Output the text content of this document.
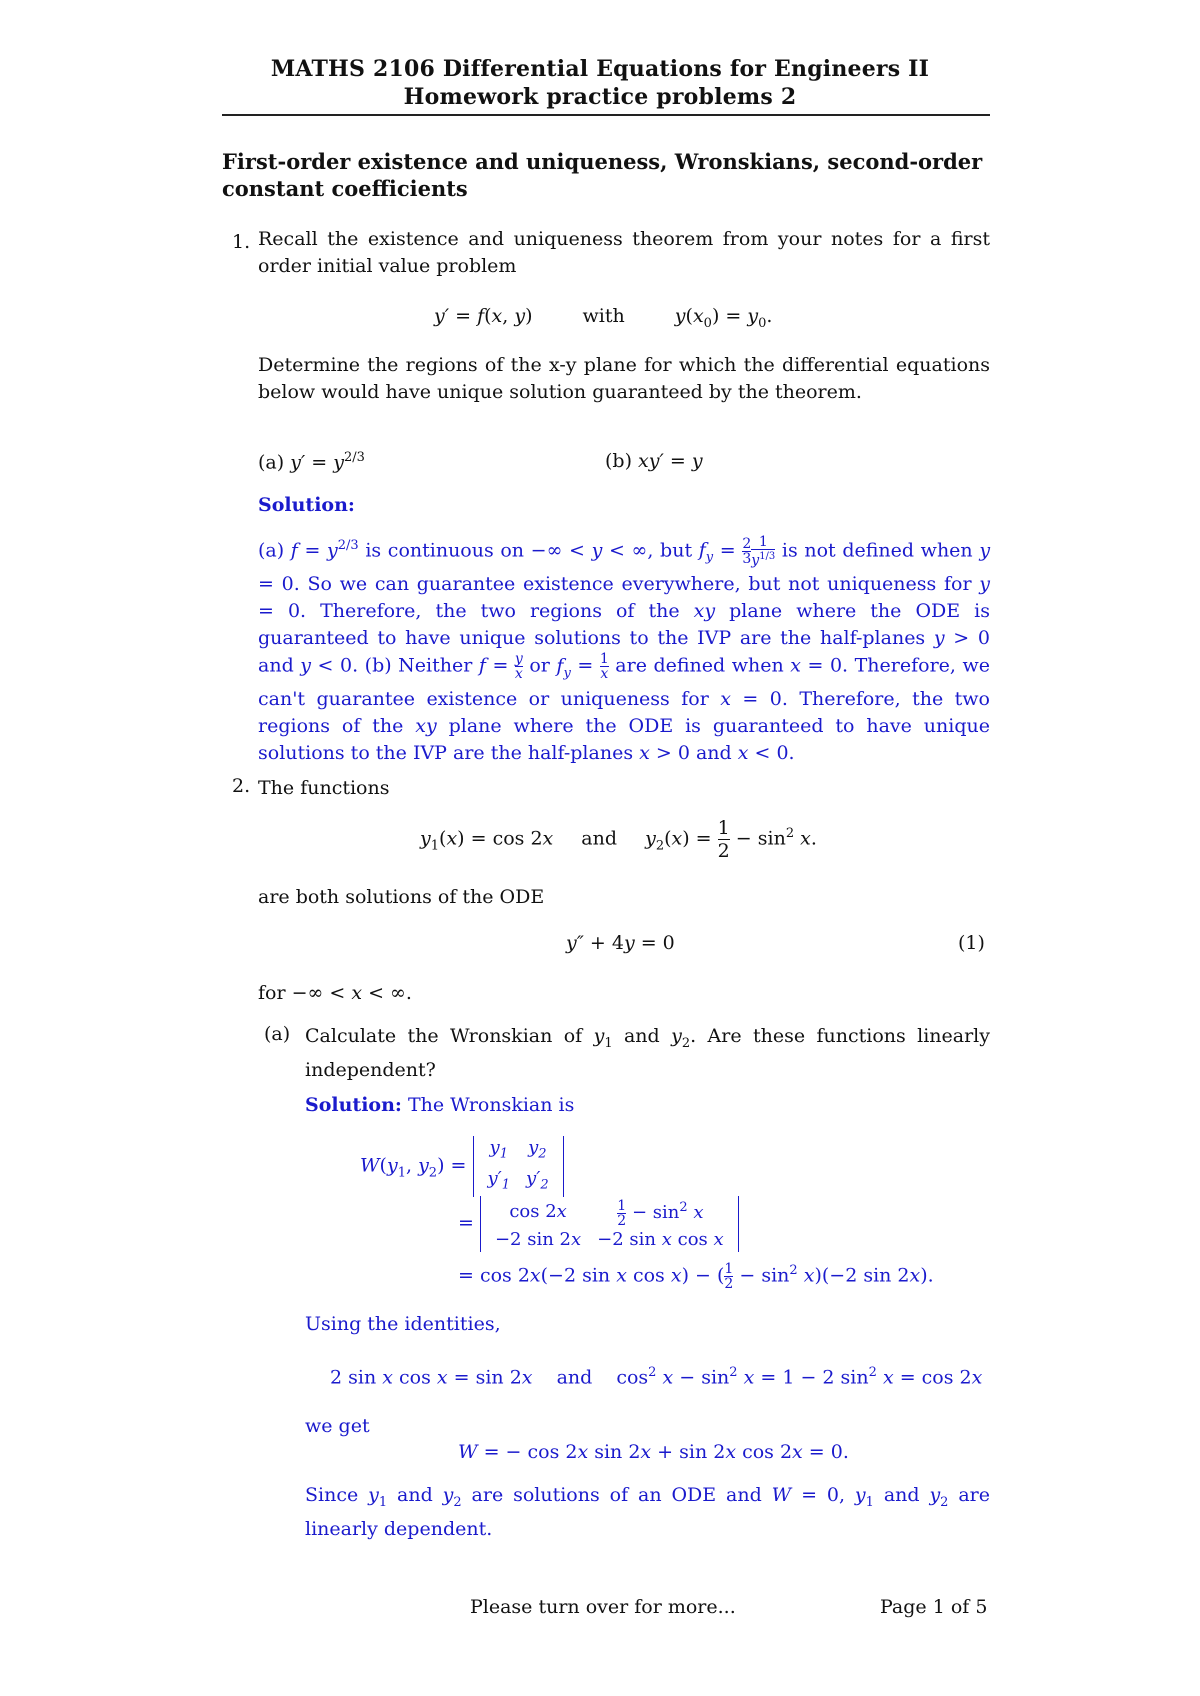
MATHS 2106 Differential Equations for Engineers II
Homework practice problems 2
First-order existence and uniqueness, Wronskians, second-order constant coefficients
1. Recall the existence and uniqueness theorem from your notes for a first order initial value problem
y′ = f(x, y) with	$y(x_0) = y_0$.
Determine the regions of the x-y plane for which the differential equations below would have unique solution guaranteed by the theorem.
(a) $y' = y^{2/3}$	(b) xy′ = y
Solution:
(a) $f = y^{2/3}$ is continuous on −∞ < y < ∞, but $f_y = \frac{2}{3} \frac{1}{y^{1/3}}$ is not defined when y = 0. So we can guarantee existence everywhere, but not uniqueness for y = 0. Therefore, the two regions of the xy plane where the ODE is guaranteed to have unique solutions to the IVP are the half-planes y > 0 and y < 0. (b) Neither $f = \frac{y}{x}$ or $f_y = \frac{1}{x}$ are defined when x = 0. Therefore, we can't guarantee existence or uniqueness for x = 0. Therefore, the two regions of the xy plane where the ODE is guaranteed to have unique solutions to the IVP are the half-planes x > 0 and x < 0.
2. The functions
$y_1(x) = \cos 2x$ and $y_2(x) = \frac{1}{2} - \sin^2 x$.
are both solutions of the ODE
y″ + 4y = 0	(1)
for −∞ < x < ∞.
(a) Calculate the Wronskian of $y_1$ and $y_2$. Are these functions linearly independent?
Solution: The Wronskian is
$W(y_1$, $y_2$) =
$y_1$	$y_2$
$y'_1$	$y'_2$
=
cos 2x	$\frac{1}{2} - \sin^2 x$
−2 sin 2x	−2 sin x cos x
= cos 2x(−2 sin x cos x) − ( $\frac{1}{2} - \sin^2 x)(-2$ sin 2x).
Using the identities,
2 sin x cos x = sin 2x and $\cos^2 x - \sin^2 x = 1 - 2$ $\sin^2 x = \cos 2x$
we get
W = − cos 2x sin 2x + sin 2x cos 2x = 0.
Since $y_1$ and $y_2$ are solutions of an ODE and W = 0, $y_1$ and $y_2$ are linearly dependent.
Please turn over for more...	Page 1 of 5
